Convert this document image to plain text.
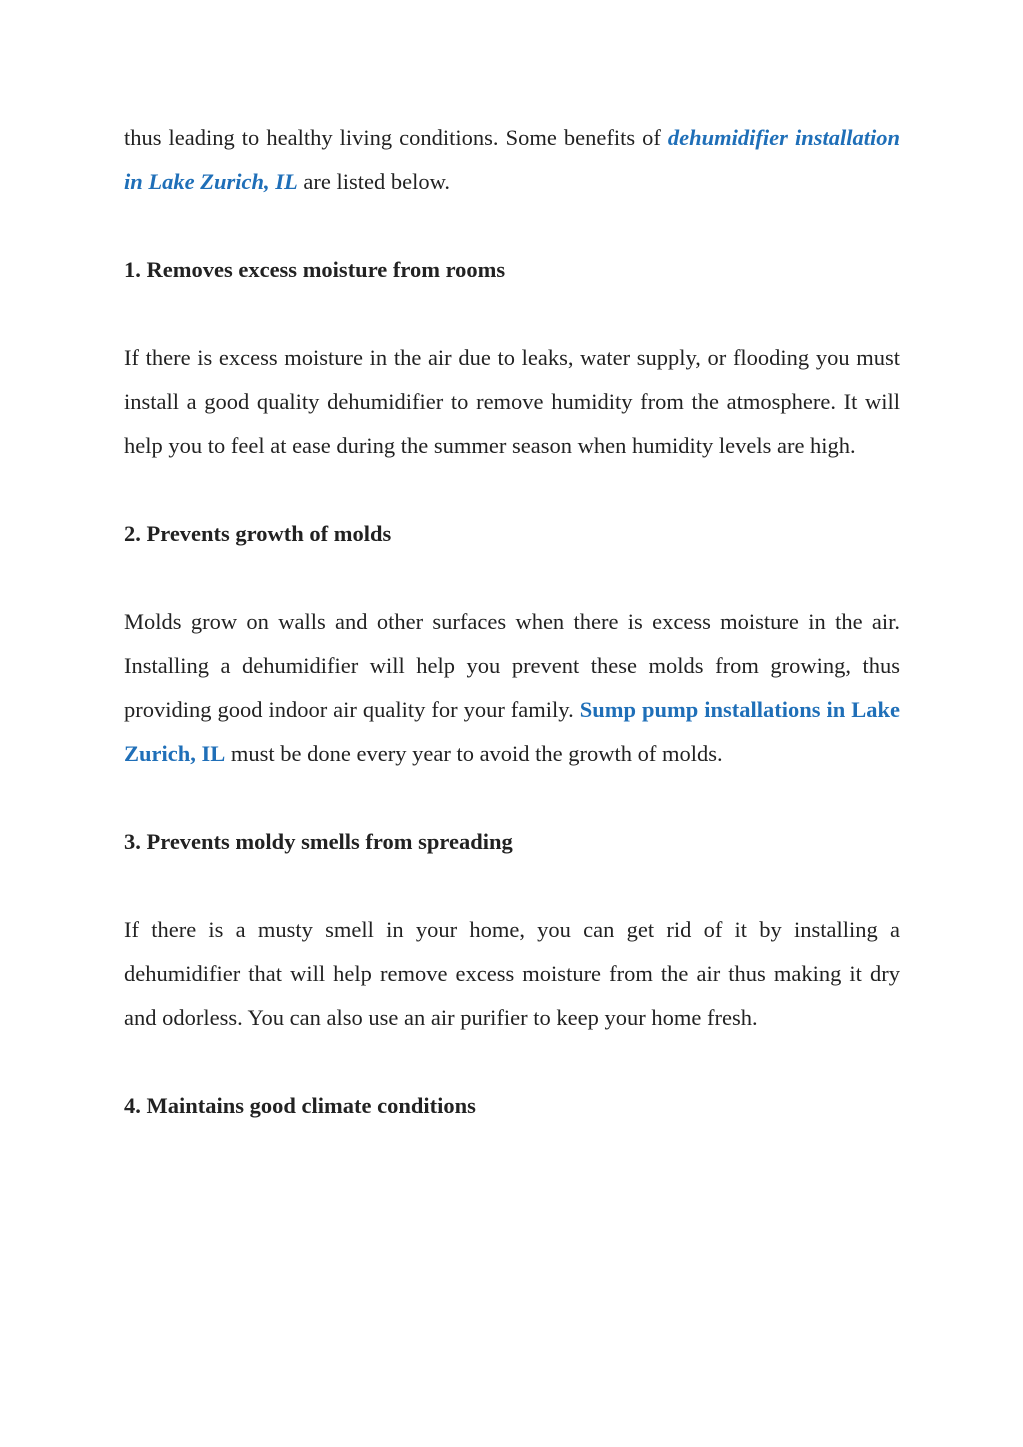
thus leading to healthy living conditions. Some benefits of dehumidifier installation in Lake Zurich, IL are listed below.

1. Removes excess moisture from rooms

If there is excess moisture in the air due to leaks, water supply, or flooding you must install a good quality dehumidifier to remove humidity from the atmosphere. It will help you to feel at ease during the summer season when humidity levels are high.

2. Prevents growth of molds

Molds grow on walls and other surfaces when there is excess moisture in the air. Installing a dehumidifier will help you prevent these molds from growing, thus providing good indoor air quality for your family. Sump pump installations in Lake Zurich, IL must be done every year to avoid the growth of molds.

3. Prevents moldy smells from spreading

If there is a musty smell in your home, you can get rid of it by installing a dehumidifier that will help remove excess moisture from the air thus making it dry and odorless. You can also use an air purifier to keep your home fresh.

4. Maintains good climate conditions
